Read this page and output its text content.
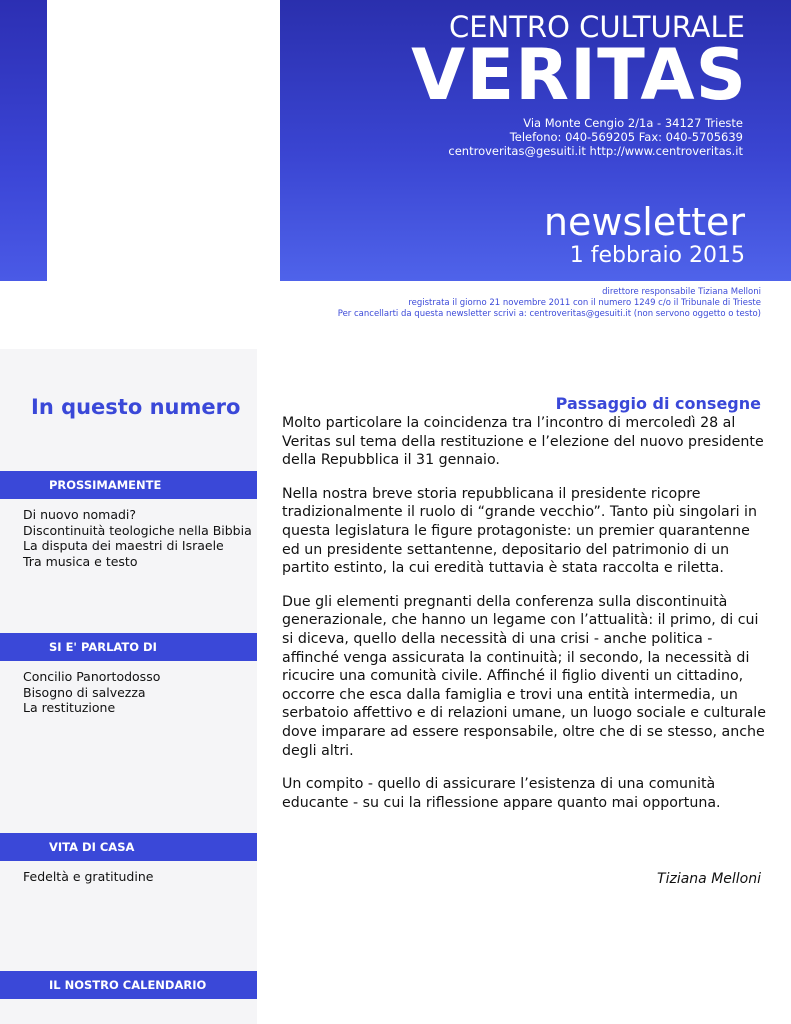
CENTRO CULTURALE
VERITAS
Via Monte Cengio 2/1a - 34127 Trieste
Telefono: 040-569205 Fax: 040-5705639
centroveritas@gesuiti.it http://www.centroveritas.it
newsletter
1 febbraio 2015
direttore responsabile Tiziana Melloni
registrata il giorno 21 novembre 2011 con il numero 1249 c/o il Tribunale di Trieste
Per cancellarti da questa newsletter scrivi a: centroveritas@gesuiti.it (non servono oggetto o testo)
In questo numero
PROSSIMAMENTE
Di nuovo nomadi?
Discontinuità teologiche nella Bibbia
La disputa dei maestri di Israele
Tra musica e testo
SI E' PARLATO DI
Concilio Panortodosso
Bisogno di salvezza
La restituzione
VITA DI CASA
Fedeltà e gratitudine
IL NOSTRO CALENDARIO
Passaggio di consegne

Molto particolare la coincidenza tra l’incontro di mercoledì 28 al Veritas sul tema della restituzione e l’elezione del nuovo presidente della Repubblica il 31 gennaio.

Nella nostra breve storia repubblicana il presidente ricopre tradizionalmente il ruolo di “grande vecchio”. Tanto più singolari in questa legislatura le figure protagoniste: un premier quarantenne ed un presidente settantenne, depositario del patrimonio di un partito estinto, la cui eredità tuttavia è stata raccolta e riletta.

Due gli elementi pregnanti della conferenza sulla discontinuità generazionale, che hanno un legame con l’attualità: il primo, di cui si diceva, quello della necessità di una crisi - anche politica - affinché venga assicurata la continuità; il secondo, la necessità di ricucire una comunità civile. Affinché il figlio diventi un cittadino, occorre che esca dalla famiglia e trovi una entità intermedia, un serbatoio affettivo e di relazioni umane, un luogo sociale e culturale dove imparare ad essere responsabile, oltre che di se stesso, anche degli altri.

Un compito - quello di assicurare l’esistenza di una comunità educante - su cui la riflessione appare quanto mai opportuna.

Tiziana Melloni
